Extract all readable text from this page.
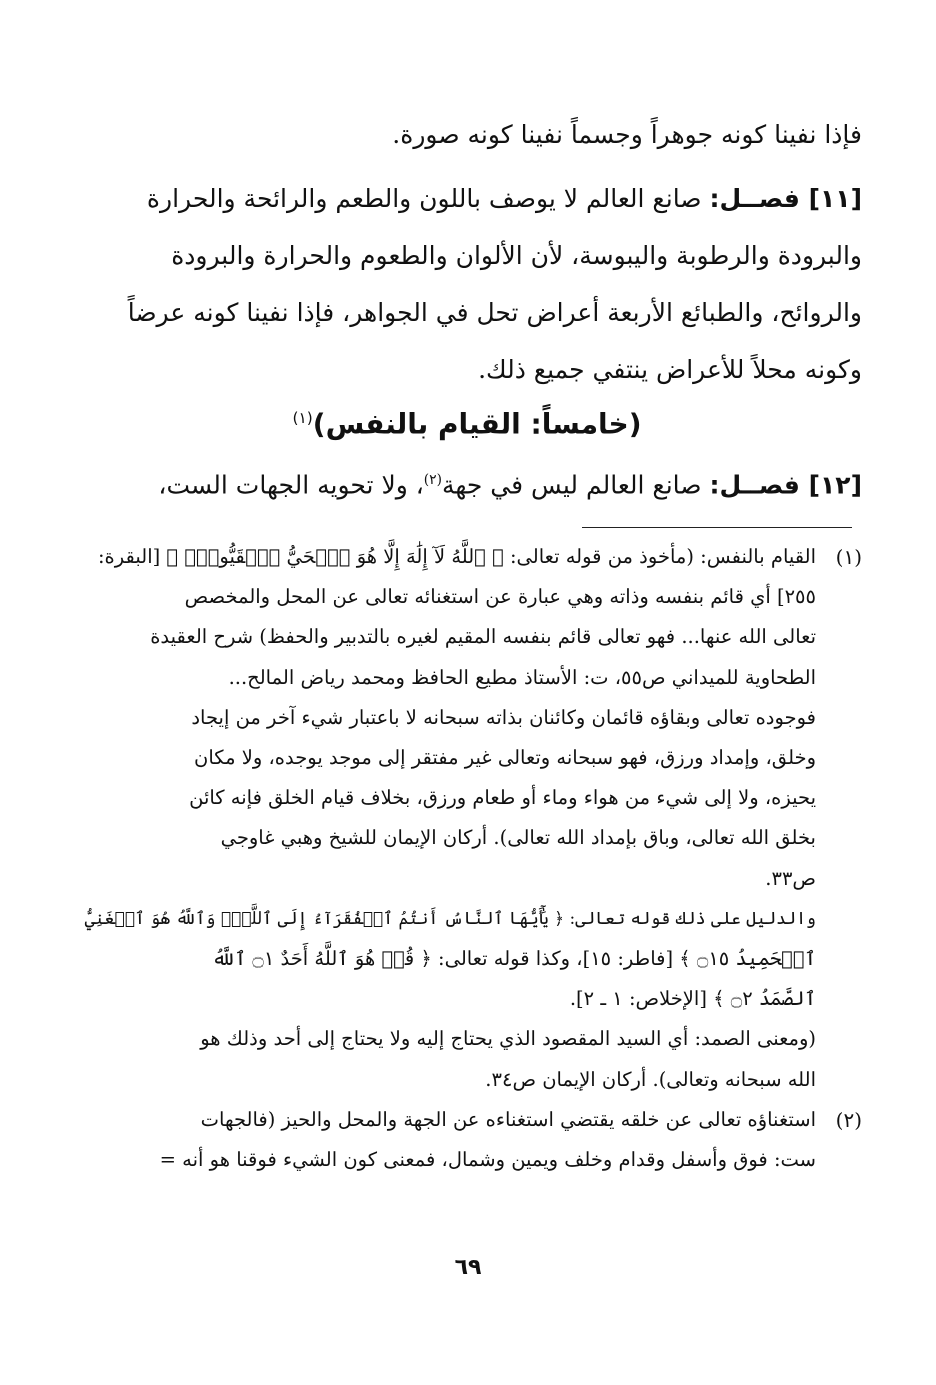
فإذا نفينا كونه جوهراً وجسماً نفينا كونه صورة.
[١١] فصــل: صانع العالم لا يوصف باللون والطعم والرائحة والحرارة
والبرودة والرطوبة واليبوسة، لأن الألوان والطعوم والحرارة والبرودة
والروائح، والطبائع الأربعة أعراض تحل في الجواهر، فإذا نفينا كونه عرضاً
وكونه محلاً للأعراض ينتفي جميع ذلك.
(خامساً: القيام بالنفس)$^{(١)}$
[١٢] فصــل: صانع العالم ليس في جهة$^{(٢)}$، ولا تحويه الجهات الست،
(١)
القيام بالنفس: (مأخوذ من قوله تعالى: ﴿ ٱللَّهُ لَآ إِلَٰهَ إِلَّا هُوَ ٱلۡحَيُّ ٱلۡقَيُّومُۚ ﴾ [البقرة:
٢٥٥] أي قائم بنفسه وذاته وهي عبارة عن استغنائه تعالى عن المحل والمخصص
تعالى الله عنها... فهو تعالى قائم بنفسه المقيم لغيره بالتدبير والحفظ) شرح العقيدة
الطحاوية للميداني ص٥٥، ت: الأستاذ مطيع الحافظ ومحمد رياض المالح...
فوجوده تعالى وبقاؤه قائمان وكائنان بذاته سبحانه لا باعتبار شيء آخر من إيجاد
وخلق، وإمداد ورزق، فهو سبحانه وتعالى غير مفتقر إلى موجد يوجده، ولا مكان
يحيزه، ولا إلى شيء من هواء وماء أو طعام ورزق، بخلاف قيام الخلق فإنه كائن
بخلق الله تعالى، وباق بإمداد الله تعالى). أركان الإيمان للشيخ وهبي غاوجي
ص٣٣.
والدليل على ذلك قوله تعالى: ﴿ يَٰٓأَيُّهَا ٱلنَّاسُ أَنتُمُ ٱلۡفُقَرَآءُ إِلَى ٱللَّهِۖ وَٱللَّهُ هُوَ ٱلۡغَنِيُّ
ٱلۡحَمِيدُ ۝١٥ ﴾ [فاطر: ١٥]، وكذا قوله تعالى: ﴿ قُلۡ هُوَ ٱللَّهُ أَحَدٌ ۝١ ٱللَّهُ
ٱلصَّمَدُ ۝٢ ﴾ [الإخلاص: ١ ـ ٢].
(ومعنى الصمد: أي السيد المقصود الذي يحتاج إليه ولا يحتاج إلى أحد وذلك هو
الله سبحانه وتعالى). أركان الإيمان ص٣٤.
(٢)
استغناؤه تعالى عن خلقه يقتضي استغناءه عن الجهة والمحل والحيز (فالجهات
ست: فوق وأسفل وقدام وخلف ويمين وشمال، فمعنى كون الشيء فوقنا هو أنه =
٦٩
